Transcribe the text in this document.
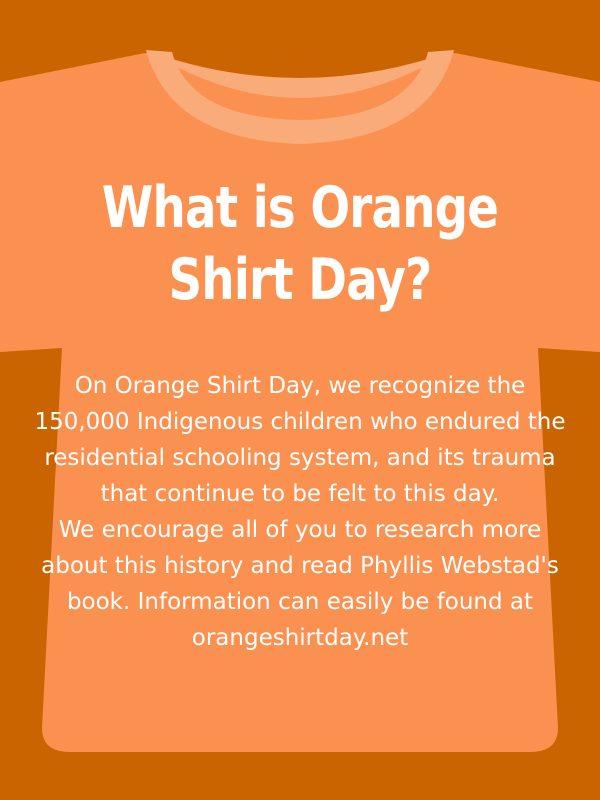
What is Orange
Shirt Day?
On Orange Shirt Day, we recognize the 150,000 Indigenous children who endured the residential schooling system, and its trauma that continue to be felt to this day.
We encourage all of you to research more about this history and read Phyllis Webstad's book. Information can easily be found at orangeshirtday.net
